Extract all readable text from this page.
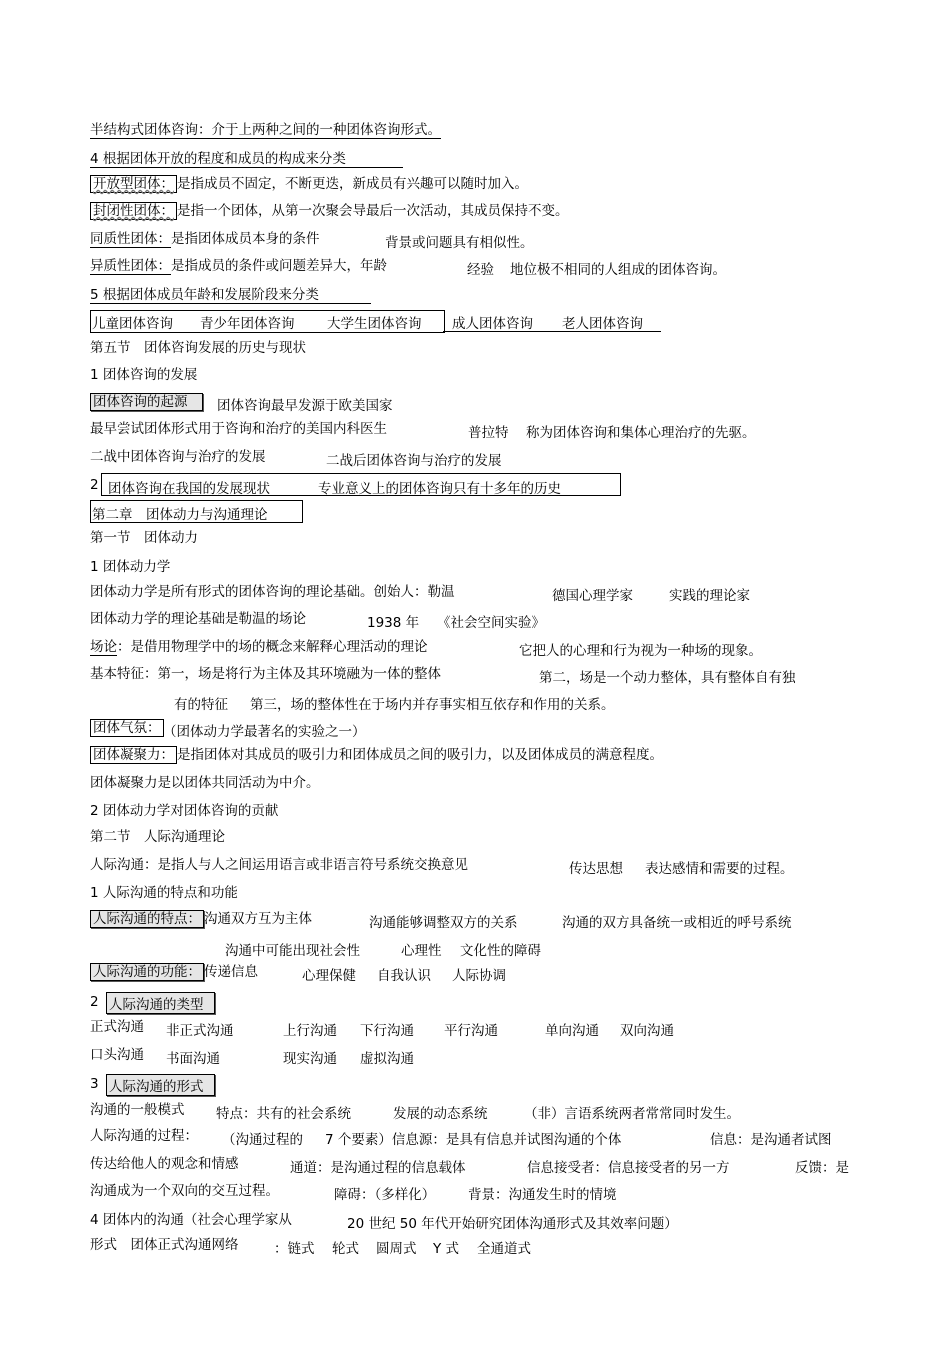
半结构式团体咨询：介于上两种之间的一种团体咨询形式。
4 根据团体开放的程度和成员的构成来分类
开放型团体： 是指成员不固定，不断更迭，新成员有兴趣可以随时加入。
封闭性团体： 是指一个团体，从第一次聚会导最后一次活动，其成员保持不变。
同质性团体：是指团体成员本身的条件	背景或问题具有相似性。
异质性团体：是指成员的条件或问题差异大，年龄	经验 地位极不相同的人组成的团体咨询。
5 根据团体成员年龄和发展阶段来分类
儿童团体咨询 青少年团体咨询 大学生团体咨询 成人团体咨询 老人团体咨询
第五节　团体咨询发展的历史与现状
1 团体咨询的发展
团体咨询的起源	团体咨询最早发源于欧美国家
最早尝试团体形式用于咨询和治疗的美国内科医生	普拉特 称为团体咨询和集体心理治疗的先驱。
二战中团体咨询与治疗的发展	二战后团体咨询与治疗的发展
2 团体咨询在我国的发展现状	专业意义上的团体咨询只有十多年的历史
第二章　团体动力与沟通理论
第一节　团体动力
1 团体动力学
团体动力学是所有形式的团体咨询的理论基础。创始人：勒温	德国心理学家	实践的理论家
团体动力学的理论基础是勒温的场论	1938 年 《社会空间实验》
场论：是借用物理学中的场的概念来解释心理活动的理论	它把人的心理和行为视为一种场的现象。
基本特征：第一，场是将行为主体及其环境融为一体的整体	第二，场是一个动力整体，具有整体自有独
有的特征 第三，场的整体性在于场内并存事实相互依存和作用的关系。
团体气氛： （团体动力学最著名的实验之一）
团体凝聚力： 是指团体对其成员的吸引力和团体成员之间的吸引力，以及团体成员的满意程度。
团体凝聚力是以团体共同活动为中介。
2 团体动力学对团体咨询的贡献
第二节　人际沟通理论
人际沟通：是指人与人之间运用语言或非语言符号系统交换意见	传达思想 表达感情和需要的过程。
1 人际沟通的特点和功能
人际沟通的特点： 沟通双方互为主体	沟通能够调整双方的关系	沟通的双方具备统一或相近的呼号系统
沟通中可能出现社会性	心理性 文化性的障碍
人际沟通的功能： 传递信息	心理保健 自我认识 人际协调
2 人际沟通的类型
正式沟通 非正式沟通	上行沟通 下行沟通 平行沟通	单向沟通 双向沟通
口头沟通 书面沟通	现实沟通 虚拟沟通
3 人际沟通的形式
沟通的一般模式 特点：共有的社会系统	发展的动态系统	（非）言语系统两者常常同时发生。
人际沟通的过程： （沟通过程的 7 个要素）信息源：是具有信息并试图沟通的个体	信息：是沟通者试图
传达给他人的观念和情感	通道：是沟通过程的信息载体	信息接受者：信息接受者的另一方	反馈：是
沟通成为一个双向的交互过程。	障碍：（多样化） 背景：沟通发生时的情境
4 团体内的沟通（社会心理学家从	20 世纪 50 年代开始研究团体沟通形式及其效率问题）
形式　团体正式沟通网络	：链式 轮式 圆周式 Y 式 全通道式
